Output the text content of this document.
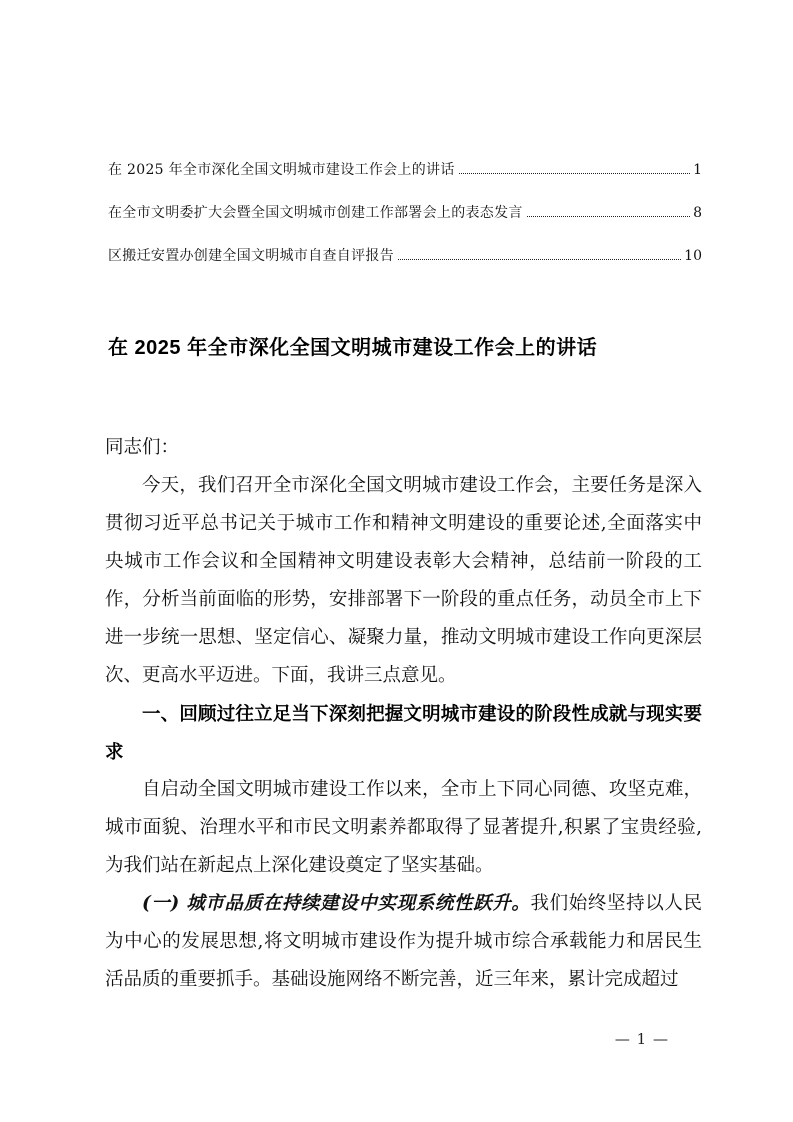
在 2025 年全市深化全国文明城市建设工作会上的讲话	1
在全市文明委扩大会暨全国文明城市创建工作部署会上的表态发言	8
区搬迁安置办创建全国文明城市自查自评报告	10
在 2025 年全市深化全国文明城市建设工作会上的讲话

同志们：

今天，我们召开全市深化全国文明城市建设工作会，主要任务是深入贯彻习近平总书记关于城市工作和精神文明建设的重要论述,全面落实中央城市工作会议和全国精神文明建设表彰大会精神，总结前一阶段的工作，分析当前面临的形势，安排部署下一阶段的重点任务，动员全市上下进一步统一思想、坚定信心、凝聚力量，推动文明城市建设工作向更深层次、更高水平迈进。下面，我讲三点意见。

一、回顾过往立足当下深刻把握文明城市建设的阶段性成就与现实要求

自启动全国文明城市建设工作以来，全市上下同心同德、攻坚克难，城市面貌、治理水平和市民文明素养都取得了显著提升,积累了宝贵经验,为我们站在新起点上深化建设奠定了坚实基础。

(一) 城市品质在持续建设中实现系统性跃升。我们始终坚持以人民为中心的发展思想,将文明城市建设作为提升城市综合承载能力和居民生活品质的重要抓手。基础设施网络不断完善，近三年来，累计完成超过

— 1 —
